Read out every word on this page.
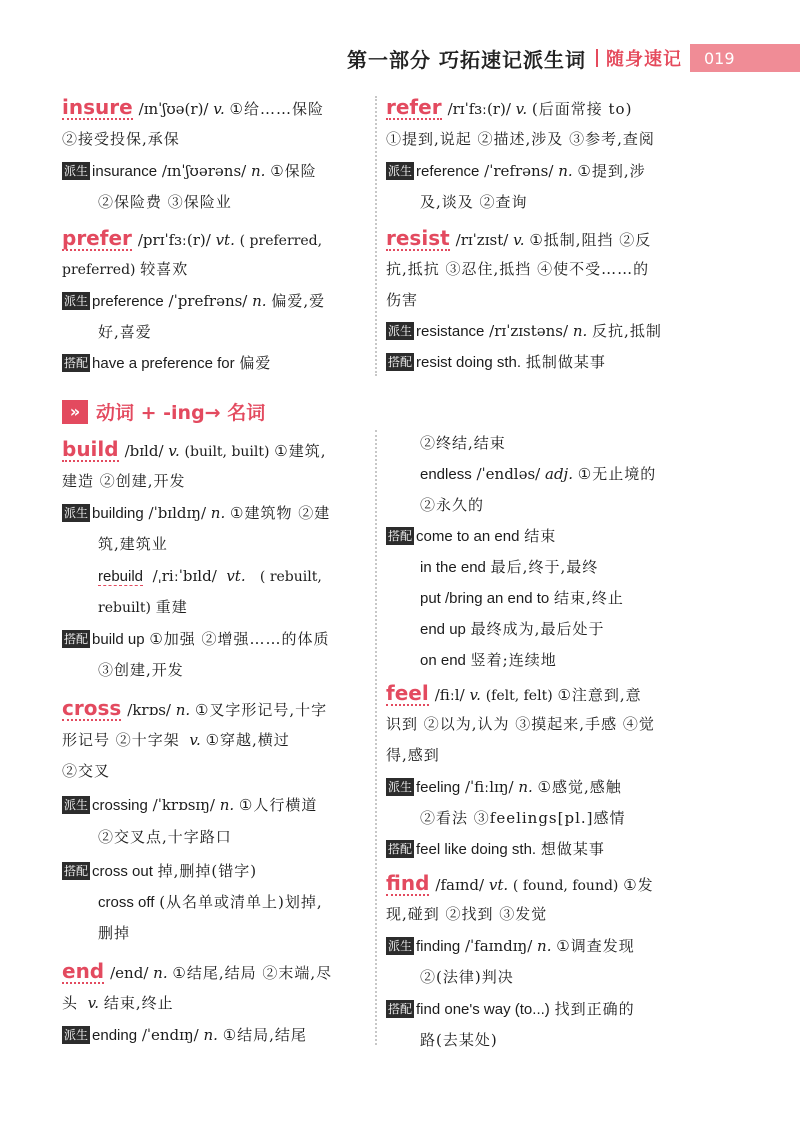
第一部分 巧拓速记派生词 随身速记	019
insure /ɪnˈʃʊə(r)/ v. ①给……保险
②接受投保,承保
派生 insurance /ɪnˈʃʊərəns/ n. ①保险
②保险费 ③保险业
prefer /prɪˈfɜː(r)/ vt. ( preferred,
preferred) 较喜欢
派生 preference /ˈprefrəns/ n. 偏爱,爱
好,喜爱
搭配 have a preference for 偏爱
refer /rɪˈfɜː(r)/ v. (后面常接 to)
①提到,说起 ②描述,涉及 ③参考,查阅
派生 reference /ˈrefrəns/ n. ①提到,涉
及,谈及 ②查询
resist /rɪˈzɪst/ v. ①抵制,阻挡 ②反
抗,抵抗 ③忍住,抵挡 ④使不受……的
伤害
派生 resistance /rɪˈzɪstəns/ n. 反抗,抵制
搭配 resist doing sth. 抵制做某事
» 动词 + -ing→ 名词
build /bɪld/ v. (built, built) ①建筑,
建造 ②创建,开发
派生 building /ˈbɪldɪŋ/ n. ①建筑物 ②建
筑,建筑业
rebuild /ˌriːˈbɪld/ vt. ( rebuilt,
rebuilt) 重建
搭配 build up ①加强 ②增强……的体质
③创建,开发
cross /krɒs/ n. ①叉字形记号,十字
形记号 ②十字架 v. ①穿越,横过
②交叉
派生 crossing /ˈkrɒsɪŋ/ n. ①人行横道
②交叉点,十字路口
搭配 cross out 掉,删掉(错字)
cross off (从名单或清单上)划掉,
删掉
end /end/ n. ①结尾,结局 ②末端,尽
头 v. 结束,终止
派生 ending /ˈendɪŋ/ n. ①结局,结尾
②终结,结束
endless /ˈendləs/ adj. ①无止境的
②永久的
搭配 come to an end 结束
in the end 最后,终于,最终
put /bring an end to 结束,终止
end up 最终成为,最后处于
on end 竖着;连续地
feel /fiːl/ v. (felt, felt) ①注意到,意
识到 ②以为,认为 ③摸起来,手感 ④觉
得,感到
派生 feeling /ˈfiːlɪŋ/ n. ①感觉,感触
②看法 ③feelings[pl.]感情
搭配 feel like doing sth. 想做某事
find /faɪnd/ vt. ( found, found) ①发
现,碰到 ②找到 ③发觉
派生 finding /ˈfaɪndɪŋ/ n. ①调查发现
②(法律)判决
搭配 find one's way (to...) 找到正确的
路(去某处)
